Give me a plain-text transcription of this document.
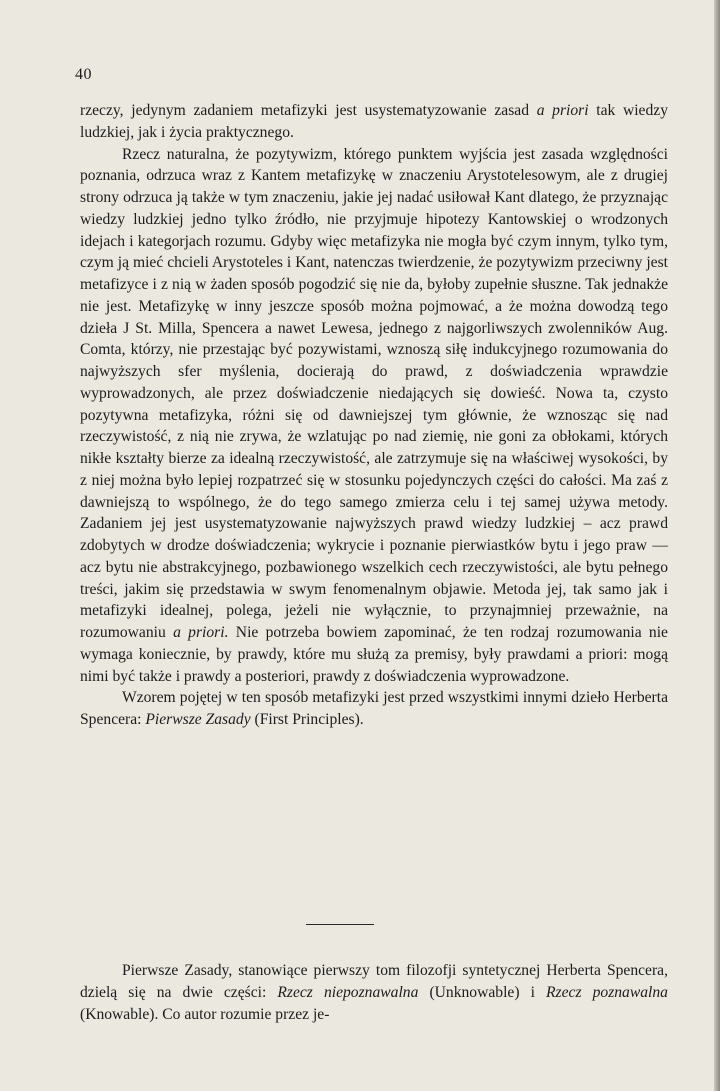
40

rzeczy, jedynym zadaniem metafizyki jest usystematyzowanie zasad a priori tak wiedzy ludzkiej, jak i życia praktycznego.

Rzecz naturalna, że pozytywizm, którego punktem wyjścia jest zasada względności poznania, odrzuca wraz z Kantem metafizykę w znaczeniu Arystotelesowym, ale z drugiej strony odrzuca ją także w tym znaczeniu, jakie jej nadać usiłował Kant dlatego, że przyznając wiedzy ludzkiej jedno tylko źródło, nie przyjmuje hipotezy Kantowskiej o wrodzonych idejach i kategorjach rozumu. Gdyby więc metafizyka nie mogła być czym innym, tylko tym, czym ją mieć chcieli Arystoteles i Kant, natenczas twierdzenie, że pozytywizm przeciwny jest metafizyce i z nią w żaden sposób pogodzić się nie da, byłoby zupełnie słuszne. Tak jednakże nie jest. Metafizykę w inny jeszcze sposób można pojmować, a że można dowodzą tego dzieła J St. Milla, Spencera a nawet Lewesa, jednego z najgorliwszych zwolenników Aug. Comta, którzy, nie przestając być pozywistami, wznoszą siłę indukcyjnego rozumowania do najwyższych sfer myślenia, docierają do prawd, z doświadczenia wprawdzie wyprowadzonych, ale przez doświadczenie niedających się dowieść. Nowa ta, czysto pozytywna metafizyka, różni się od dawniejszej tym głównie, że wznosząc się nad rzeczywistość, z nią nie zrywa, że wzlatując po nad ziemię, nie goni za obłokami, których nikłe kształty bierze za idealną rzeczywistość, ale zatrzymuje się na właściwej wysokości, by z niej można było lepiej rozpatrzeć się w stosunku pojedynczych części do całości. Ma zaś z dawniejszą to wspólnego, że do tego samego zmierza celu i tej samej używa metody. Zadaniem jej jest usystematyzowanie najwyższych prawd wiedzy ludzkiej – acz prawd zdobytych w drodze doświadczenia; wykrycie i poznanie pierwiastków bytu i jego praw — acz bytu nie abstrakcyjnego, pozbawionego wszelkich cech rzeczywistości, ale bytu pełnego treści, jakim się przedstawia w swym fenomenalnym objawie. Metoda jej, tak samo jak i metafizyki idealnej, polega, jeżeli nie wyłącznie, to przynajmniej przeważnie, na rozumowaniu a priori. Nie potrzeba bowiem zapominać, że ten rodzaj rozumowania nie wymaga koniecznie, by prawdy, które mu służą za premisy, były prawdami a priori: mogą nimi być także i prawdy a posteriori, prawdy z doświadczenia wyprowadzone.

Wzorem pojętej w ten sposób metafizyki jest przed wszystkimi innymi dzieło Herberta Spencera: Pierwsze Zasady (First Principles).

Pierwsze Zasady, stanowiące pierwszy tom filozofji syntetycznej Herberta Spencera, dzielą się na dwie części: Rzecz niepoznawalna (Unknowable) i Rzecz poznawalna (Knowable). Co autor rozumie przez je-
